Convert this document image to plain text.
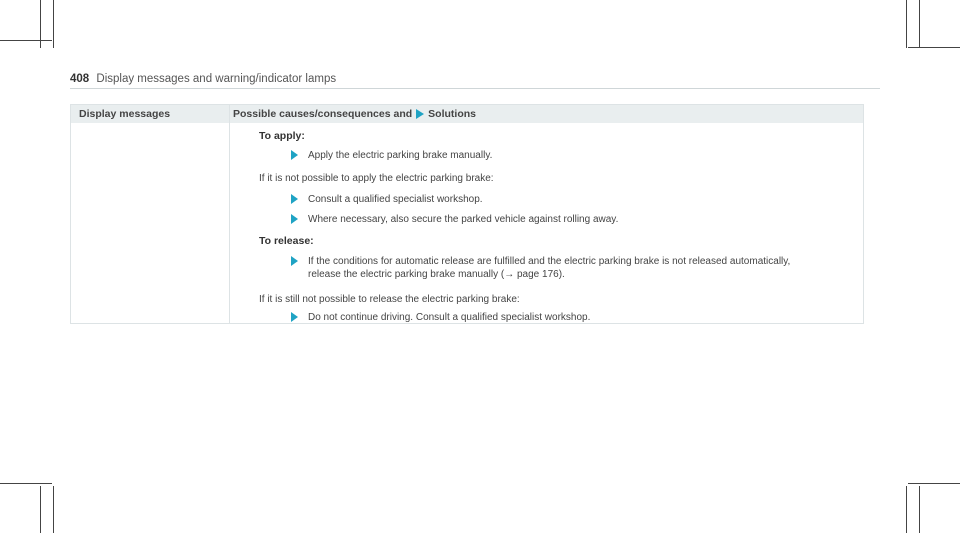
408 Display messages and warning/indicator lamps
Display messages	Possible causes/consequences and Solutions
To apply:
Apply the electric parking brake manually.
If it is not possible to apply the electric parking brake:
Consult a qualified specialist workshop.
Where necessary, also secure the parked vehicle against rolling away.
To release:
If the conditions for automatic release are fulfilled and the electric parking brake is not released automatically,
release the electric parking brake manually (→ page 176).
If it is still not possible to release the electric parking brake:
Do not continue driving. Consult a qualified specialist workshop.
